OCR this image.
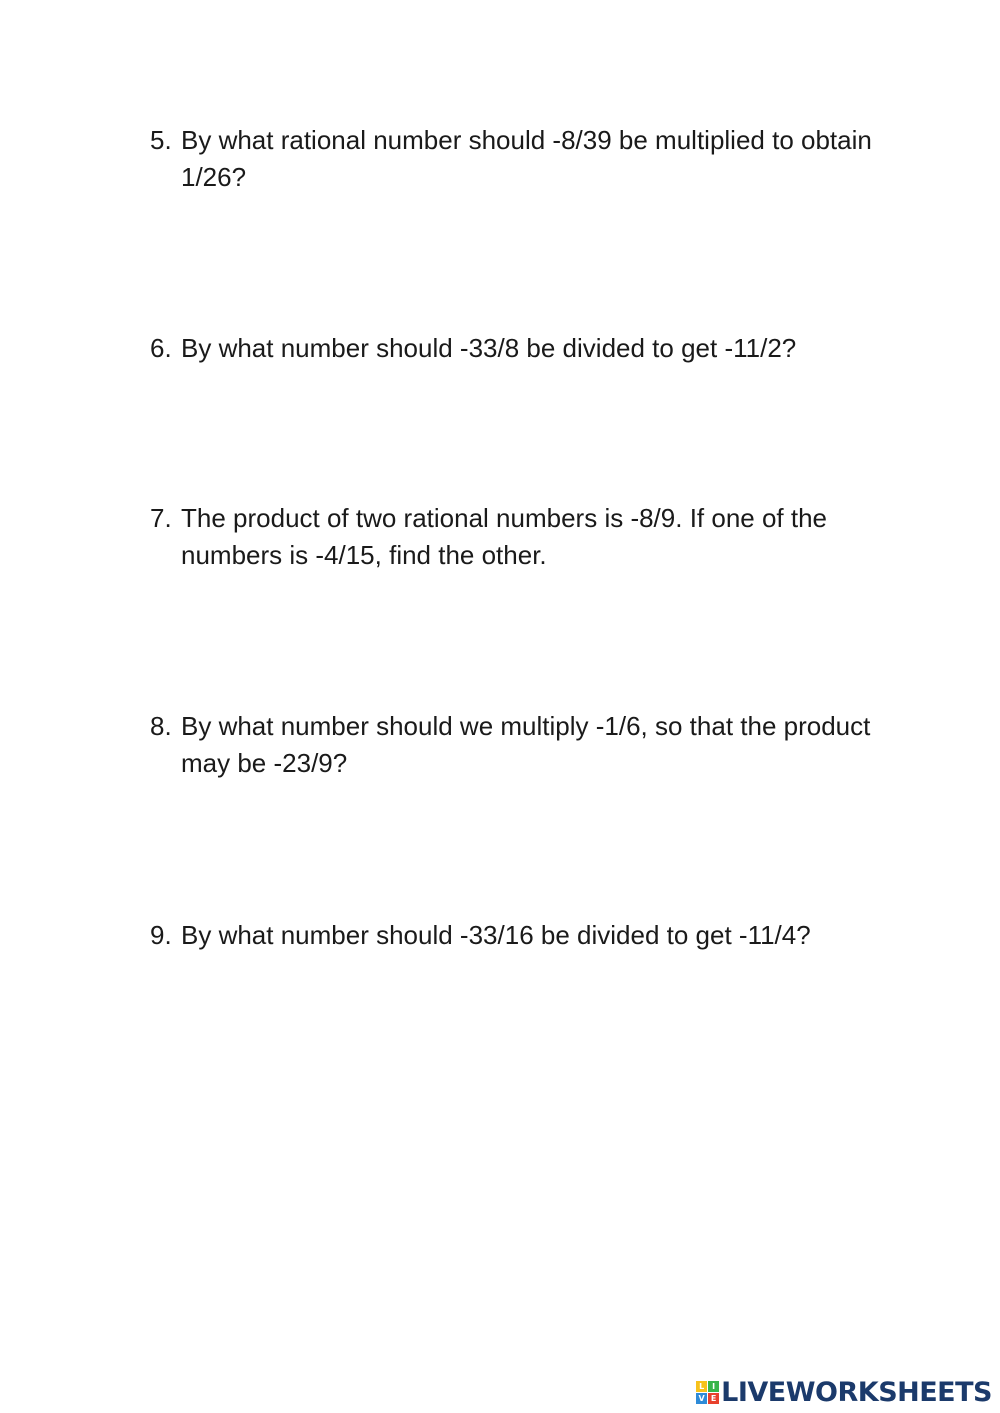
5. By what rational number should -8/39 be multiplied to obtain 1/26?
6. By what number should -33/8 be divided to get -11/2?
7. The product of two rational numbers is -8/9. If one of the numbers is -4/15, find the other.
8. By what number should we multiply -1/6, so that the product may be -23/9?
9. By what number should -33/16 be divided to get -11/4?
L I
V E LIVEWORKSHEETS
